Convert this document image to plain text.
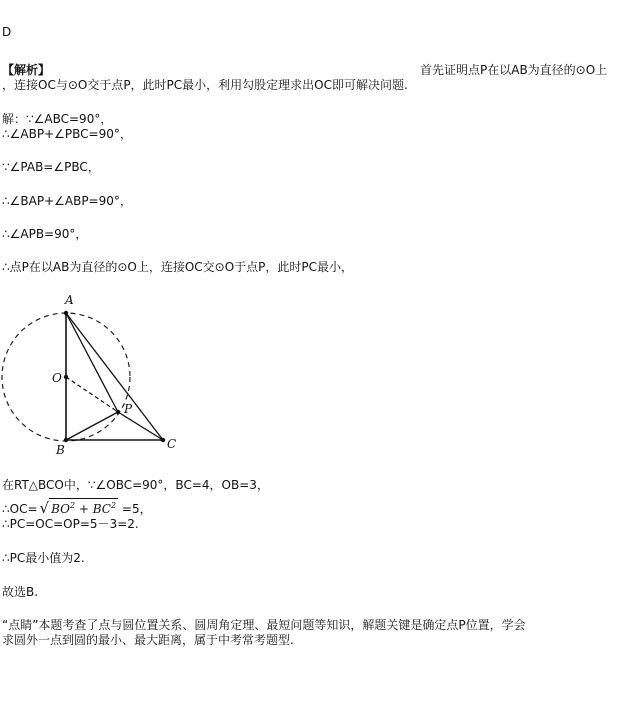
D
【解析】	首先证明点P在以AB为直径的⊙O上
，连接OC与⊙O交于点P，此时PC最小，利用勾股定理求出OC即可解决问题.
解：∵∠ABC=90°，
∴∠ABP+∠PBC=90°，
∵∠PAB=∠PBC，
∴∠BAP+∠ABP=90°，
∴∠APB=90°，
∴点P在以AB为直径的⊙O上，连接OC交⊙O于点P，此时PC最小，
A
O
P
B	C
在RT△BCO中，∵∠OBC=90°，BC=4，OB=3，
∴OC= √ $BO^2 + BC^2 =5$，
∴PC=OC=OP=5－3=2.
∴PC最小值为2.
故选B.
“点睛”本题考查了点与圆位置关系、圆周角定理、最短问题等知识，解题关键是确定点P位置，学会
求圆外一点到圆的最小、最大距离，属于中考常考题型.
